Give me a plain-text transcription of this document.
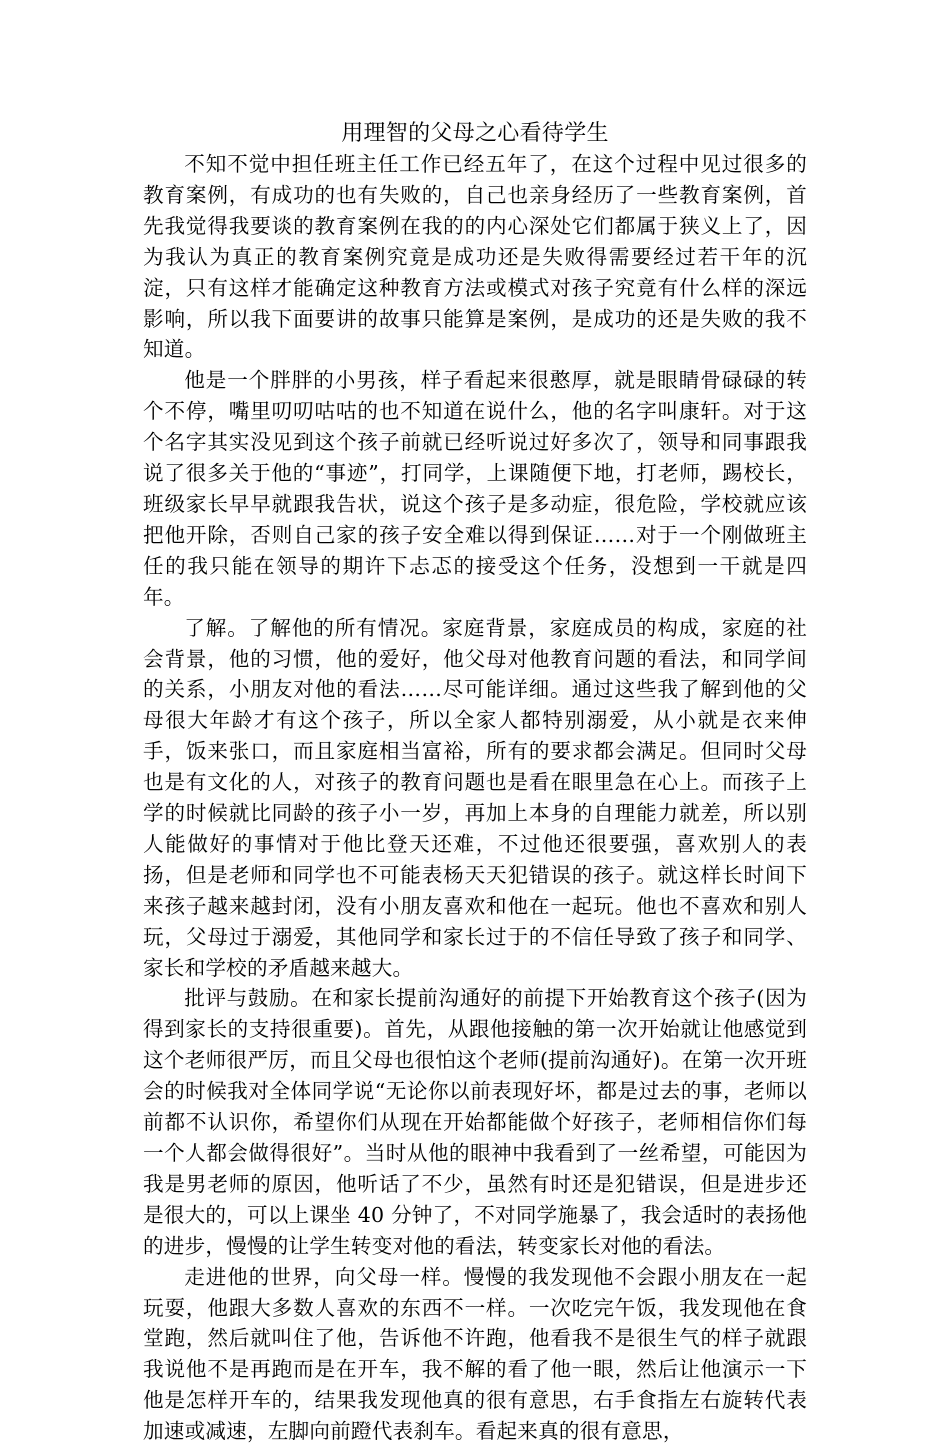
用理智的父母之心看待学生

不知不觉中担任班主任工作已经五年了，在这个过程中见过很多的教育案例，有成功的也有失败的，自己也亲身经历了一些教育案例，首先我觉得我要谈的教育案例在我的的内心深处它们都属于狭义上了，因为我认为真正的教育案例究竟是成功还是失败得需要经过若干年的沉淀，只有这样才能确定这种教育方法或模式对孩子究竟有什么样的深远影响，所以我下面要讲的故事只能算是案例，是成功的还是失败的我不知道。

他是一个胖胖的小男孩，样子看起来很憨厚，就是眼睛骨碌碌的转个不停，嘴里叨叨咕咕的也不知道在说什么，他的名字叫康轩。对于这个名字其实没见到这个孩子前就已经听说过好多次了，领导和同事跟我说了很多关于他的“事迹”，打同学，上课随便下地，打老师，踢校长，班级家长早早就跟我告状，说这个孩子是多动症，很危险，学校就应该把他开除，否则自己家的孩子安全难以得到保证……对于一个刚做班主任的我只能在领导的期许下忐忑的接受这个任务，没想到一干就是四年。

了解。了解他的所有情况。家庭背景，家庭成员的构成，家庭的社会背景，他的习惯，他的爱好，他父母对他教育问题的看法，和同学间的关系，小朋友对他的看法……尽可能详细。通过这些我了解到他的父母很大年龄才有这个孩子，所以全家人都特别溺爱，从小就是衣来伸手，饭来张口，而且家庭相当富裕，所有的要求都会满足。但同时父母也是有文化的人，对孩子的教育问题也是看在眼里急在心上。而孩子上学的时候就比同龄的孩子小一岁，再加上本身的自理能力就差，所以别人能做好的事情对于他比登天还难，不过他还很要强，喜欢别人的表扬，但是老师和同学也不可能表杨天天犯错误的孩子。就这样长时间下来孩子越来越封闭，没有小朋友喜欢和他在一起玩。他也不喜欢和别人玩，父母过于溺爱，其他同学和家长过于的不信任导致了孩子和同学、家长和学校的矛盾越来越大。

批评与鼓励。在和家长提前沟通好的前提下开始教育这个孩子(因为得到家长的支持很重要)。首先，从跟他接触的第一次开始就让他感觉到这个老师很严厉，而且父母也很怕这个老师(提前沟通好)。在第一次开班会的时候我对全体同学说“无论你以前表现好坏，都是过去的事，老师以前都不认识你，希望你们从现在开始都能做个好孩子，老师相信你们每一个人都会做得很好”。当时从他的眼神中我看到了一丝希望，可能因为我是男老师的原因，他听话了不少，虽然有时还是犯错误，但是进步还是很大的，可以上课坐 40 分钟了，不对同学施暴了，我会适时的表扬他的进步，慢慢的让学生转变对他的看法，转变家长对他的看法。

走进他的世界，向父母一样。慢慢的我发现他不会跟小朋友在一起玩耍，他跟大多数人喜欢的东西不一样。一次吃完午饭，我发现他在食堂跑，然后就叫住了他，告诉他不许跑，他看我不是很生气的样子就跟我说他不是再跑而是在开车，我不解的看了他一眼，然后让他演示一下他是怎样开车的，结果我发现他真的很有意思，右手食指左右旋转代表加速或减速，左脚向前蹬代表刹车。看起来真的很有意思，
